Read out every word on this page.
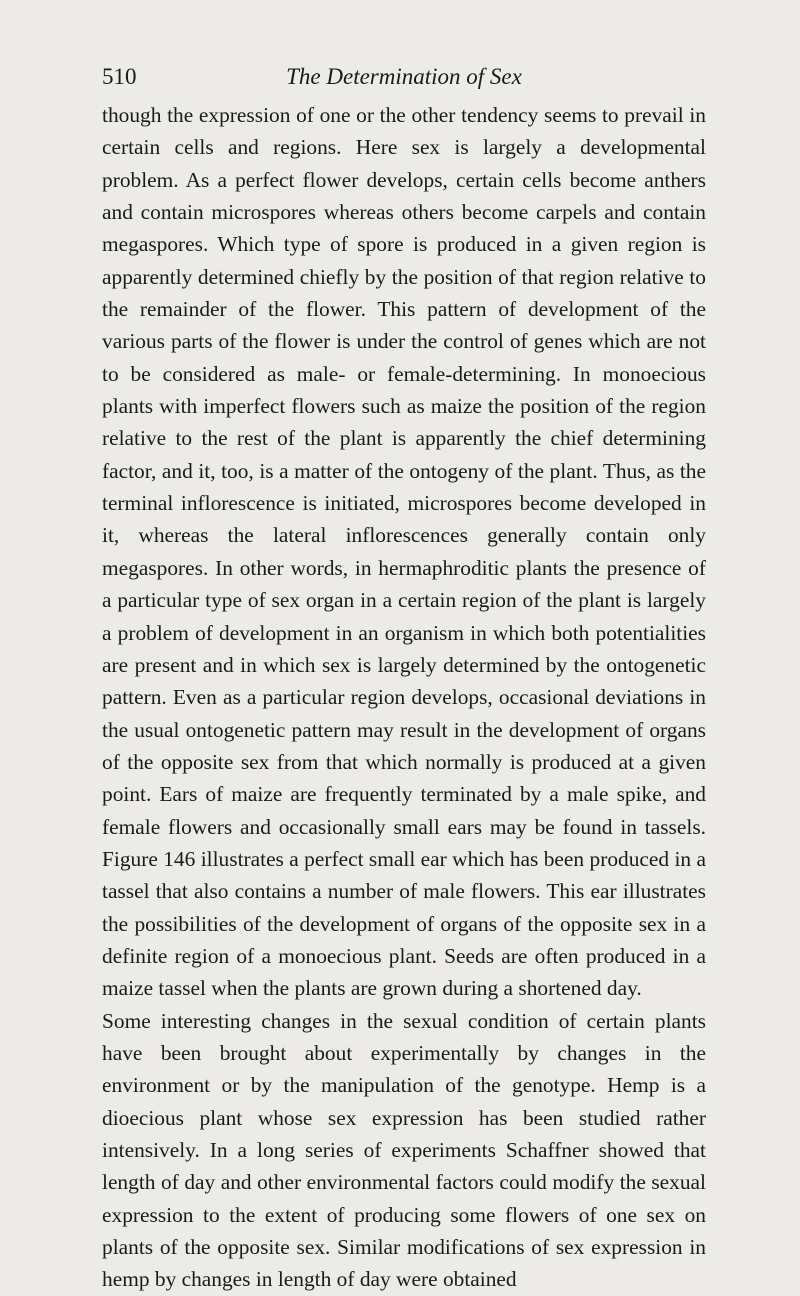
510	The Determination of Sex

though the expression of one or the other tendency seems to prevail in certain cells and regions. Here sex is largely a developmental problem. As a perfect flower develops, certain cells become anthers and contain microspores whereas others become carpels and contain megaspores. Which type of spore is produced in a given region is apparently determined chiefly by the position of that region relative to the remainder of the flower. This pattern of development of the various parts of the flower is under the control of genes which are not to be considered as male- or female-determining. In monoecious plants with imperfect flowers such as maize the position of the region relative to the rest of the plant is apparently the chief determining factor, and it, too, is a matter of the ontogeny of the plant. Thus, as the terminal inflorescence is initiated, microspores become developed in it, whereas the lateral inflorescences generally contain only megaspores. In other words, in hermaphroditic plants the presence of a particular type of sex organ in a certain region of the plant is largely a problem of development in an organism in which both potentialities are present and in which sex is largely determined by the ontogenetic pattern. Even as a particular region develops, occasional deviations in the usual ontogenetic pattern may result in the development of organs of the opposite sex from that which normally is produced at a given point. Ears of maize are frequently terminated by a male spike, and female flowers and occasionally small ears may be found in tassels. Figure 146 illustrates a perfect small ear which has been produced in a tassel that also contains a number of male flowers. This ear illustrates the possibilities of the development of organs of the opposite sex in a definite region of a monoecious plant. Seeds are often produced in a maize tassel when the plants are grown during a shortened day.

Some interesting changes in the sexual condition of certain plants have been brought about experimentally by changes in the environment or by the manipulation of the genotype. Hemp is a dioecious plant whose sex expression has been studied rather intensively. In a long series of experiments Schaffner showed that length of day and other environmental factors could modify the sexual expression to the extent of producing some flowers of one sex on plants of the opposite sex. Similar modifications of sex expression in hemp by changes in length of day were obtained
